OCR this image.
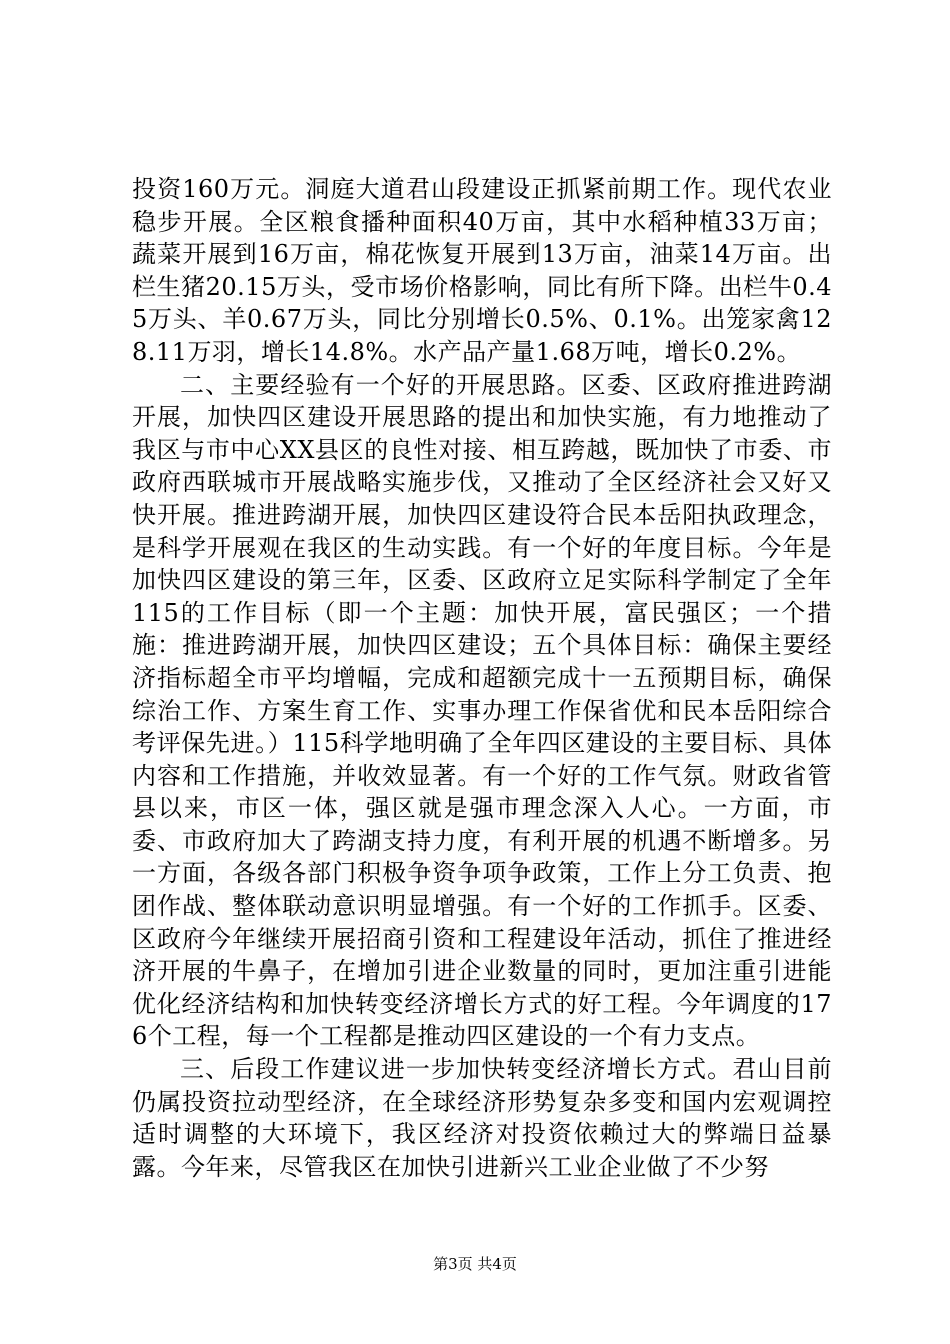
投资160万元。洞庭大道君山段建设正抓紧前期工作。现代农业稳步开展。全区粮食播种面积40万亩，其中水稻种植33万亩；蔬菜开展到16万亩，棉花恢复开展到13万亩，油菜14万亩。出栏生猪20.15万头，受市场价格影响，同比有所下降。出栏牛0.45万头、羊0.67万头，同比分别增长0.5%、0.1%。出笼家禽128.11万羽，增长14.8%。水产品产量1.68万吨，增长0.2%。

二、主要经验有一个好的开展思路。区委、区政府推进跨湖开展，加快四区建设开展思路的提出和加快实施，有力地推动了我区与市中心XX县区的良性对接、相互跨越，既加快了市委、市政府西联城市开展战略实施步伐，又推动了全区经济社会又好又快开展。推进跨湖开展，加快四区建设符合民本岳阳执政理念，是科学开展观在我区的生动实践。有一个好的年度目标。今年是加快四区建设的第三年，区委、区政府立足实际科学制定了全年115的工作目标（即一个主题：加快开展，富民强区；一个措施：推进跨湖开展，加快四区建设；五个具体目标：确保主要经济指标超全市平均增幅，完成和超额完成十一五预期目标，确保综治工作、方案生育工作、实事办理工作保省优和民本岳阳综合考评保先进。）115科学地明确了全年四区建设的主要目标、具体内容和工作措施，并收效显著。有一个好的工作气氛。财政省管县以来，市区一体，强区就是强市理念深入人心。一方面，市委、市政府加大了跨湖支持力度，有利开展的机遇不断增多。另一方面，各级各部门积极争资争项争政策，工作上分工负责、抱团作战、整体联动意识明显增强。有一个好的工作抓手。区委、区政府今年继续开展招商引资和工程建设年活动，抓住了推进经济开展的牛鼻子，在增加引进企业数量的同时，更加注重引进能优化经济结构和加快转变经济增长方式的好工程。今年调度的176个工程，每一个工程都是推动四区建设的一个有力支点。

三、后段工作建议进一步加快转变经济增长方式。君山目前仍属投资拉动型经济，在全球经济形势复杂多变和国内宏观调控适时调整的大环境下，我区经济对投资依赖过大的弊端日益暴露。今年来，尽管我区在加快引进新兴工业企业做了不少努

第3页 共4页
